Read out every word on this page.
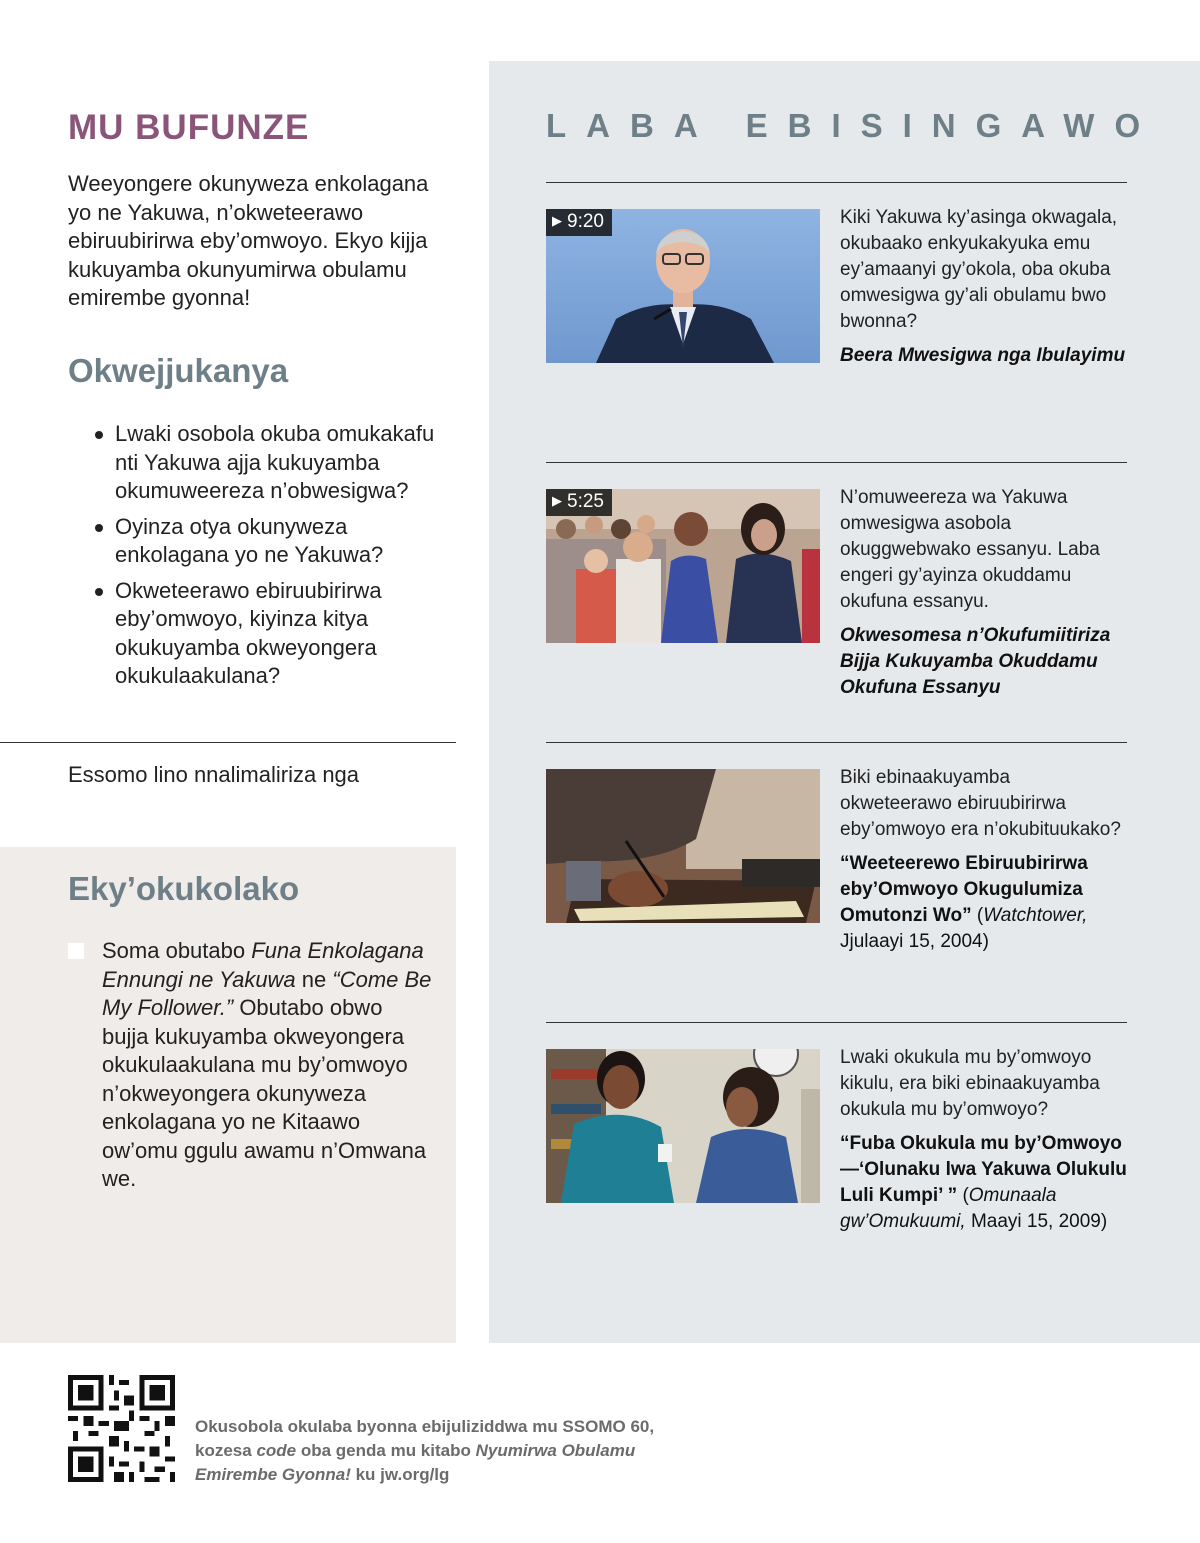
MU BUFUNZE
Weeyongere okunyweza enkolagana yo ne Yakuwa, n’okweteerawo ebiruubirirwa eby’omwoyo. Ekyo kijja kukuyamba okunyumirwa obulamu emirembe gyonna!
Okwejjukanya
Lwaki osobola okuba omukakafu nti Yakuwa ajja kukuyamba okumuweereza n’obwesigwa?
Oyinza otya okunyweza enkolagana yo ne Yakuwa?
Okweteerawo ebiruubirirwa eby’omwoyo, kiyinza kitya okukuyamba okweyongera okukulaakulana?
Essomo lino nnalimaliriza nga
Eky’okukolako
Soma obutabo Funa Enkolagana Ennungi ne Yakuwa ne “Come Be My Follower.” Obutabo obwo bujja kukuyamba okweyongera okukulaakulana mu by’omwoyo n’okweyongera okunyweza enkolagana yo ne Kitaawo ow’omu ggulu awamu n’Omwana we.
LABA EBISINGAWO
▶ 9:20	Kiki Yakuwa ky’asinga okwagala, okubaako enkyukakyuka emu ey’amaanyi gy’okola, oba okuba omwesigwa gy’ali obulamu bwo bwonna?
Beera Mwesigwa nga Ibulayimu
▶ 5:25	N’omuweereza wa Yakuwa omwesigwa asobola okuggwebwako essanyu. Laba engeri gy’ayinza okuddamu okufuna essanyu.
Okwesomesa n’Okufumiitiriza Bijja Kukuyamba Okuddamu Okufuna Essanyu
Biki ebinaakuyamba okweteerawo ebiruubirirwa eby’omwoyo era n’okubituukako?
“Weeteerewo Ebiruubirirwa eby’Omwoyo Okugulumiza Omutonzi Wo” (Watchtower, Jjulaayi 15, 2004)
Lwaki okukula mu by’omwoyo kikulu, era biki ebinaakuyamba okukula mu by’omwoyo?
“Fuba Okukula mu by’Omwoyo—‘Olunaku lwa Yakuwa Olukulu Luli Kumpi’ ” (Omunaala gw’Omukuumi, Maayi 15, 2009)
Okusobola okulaba byonna ebijuliziddwa mu SSOMO 60, kozesa code oba genda mu kitabo Nyumirwa Obulamu Emirembe Gyonna! ku jw.org/lg
